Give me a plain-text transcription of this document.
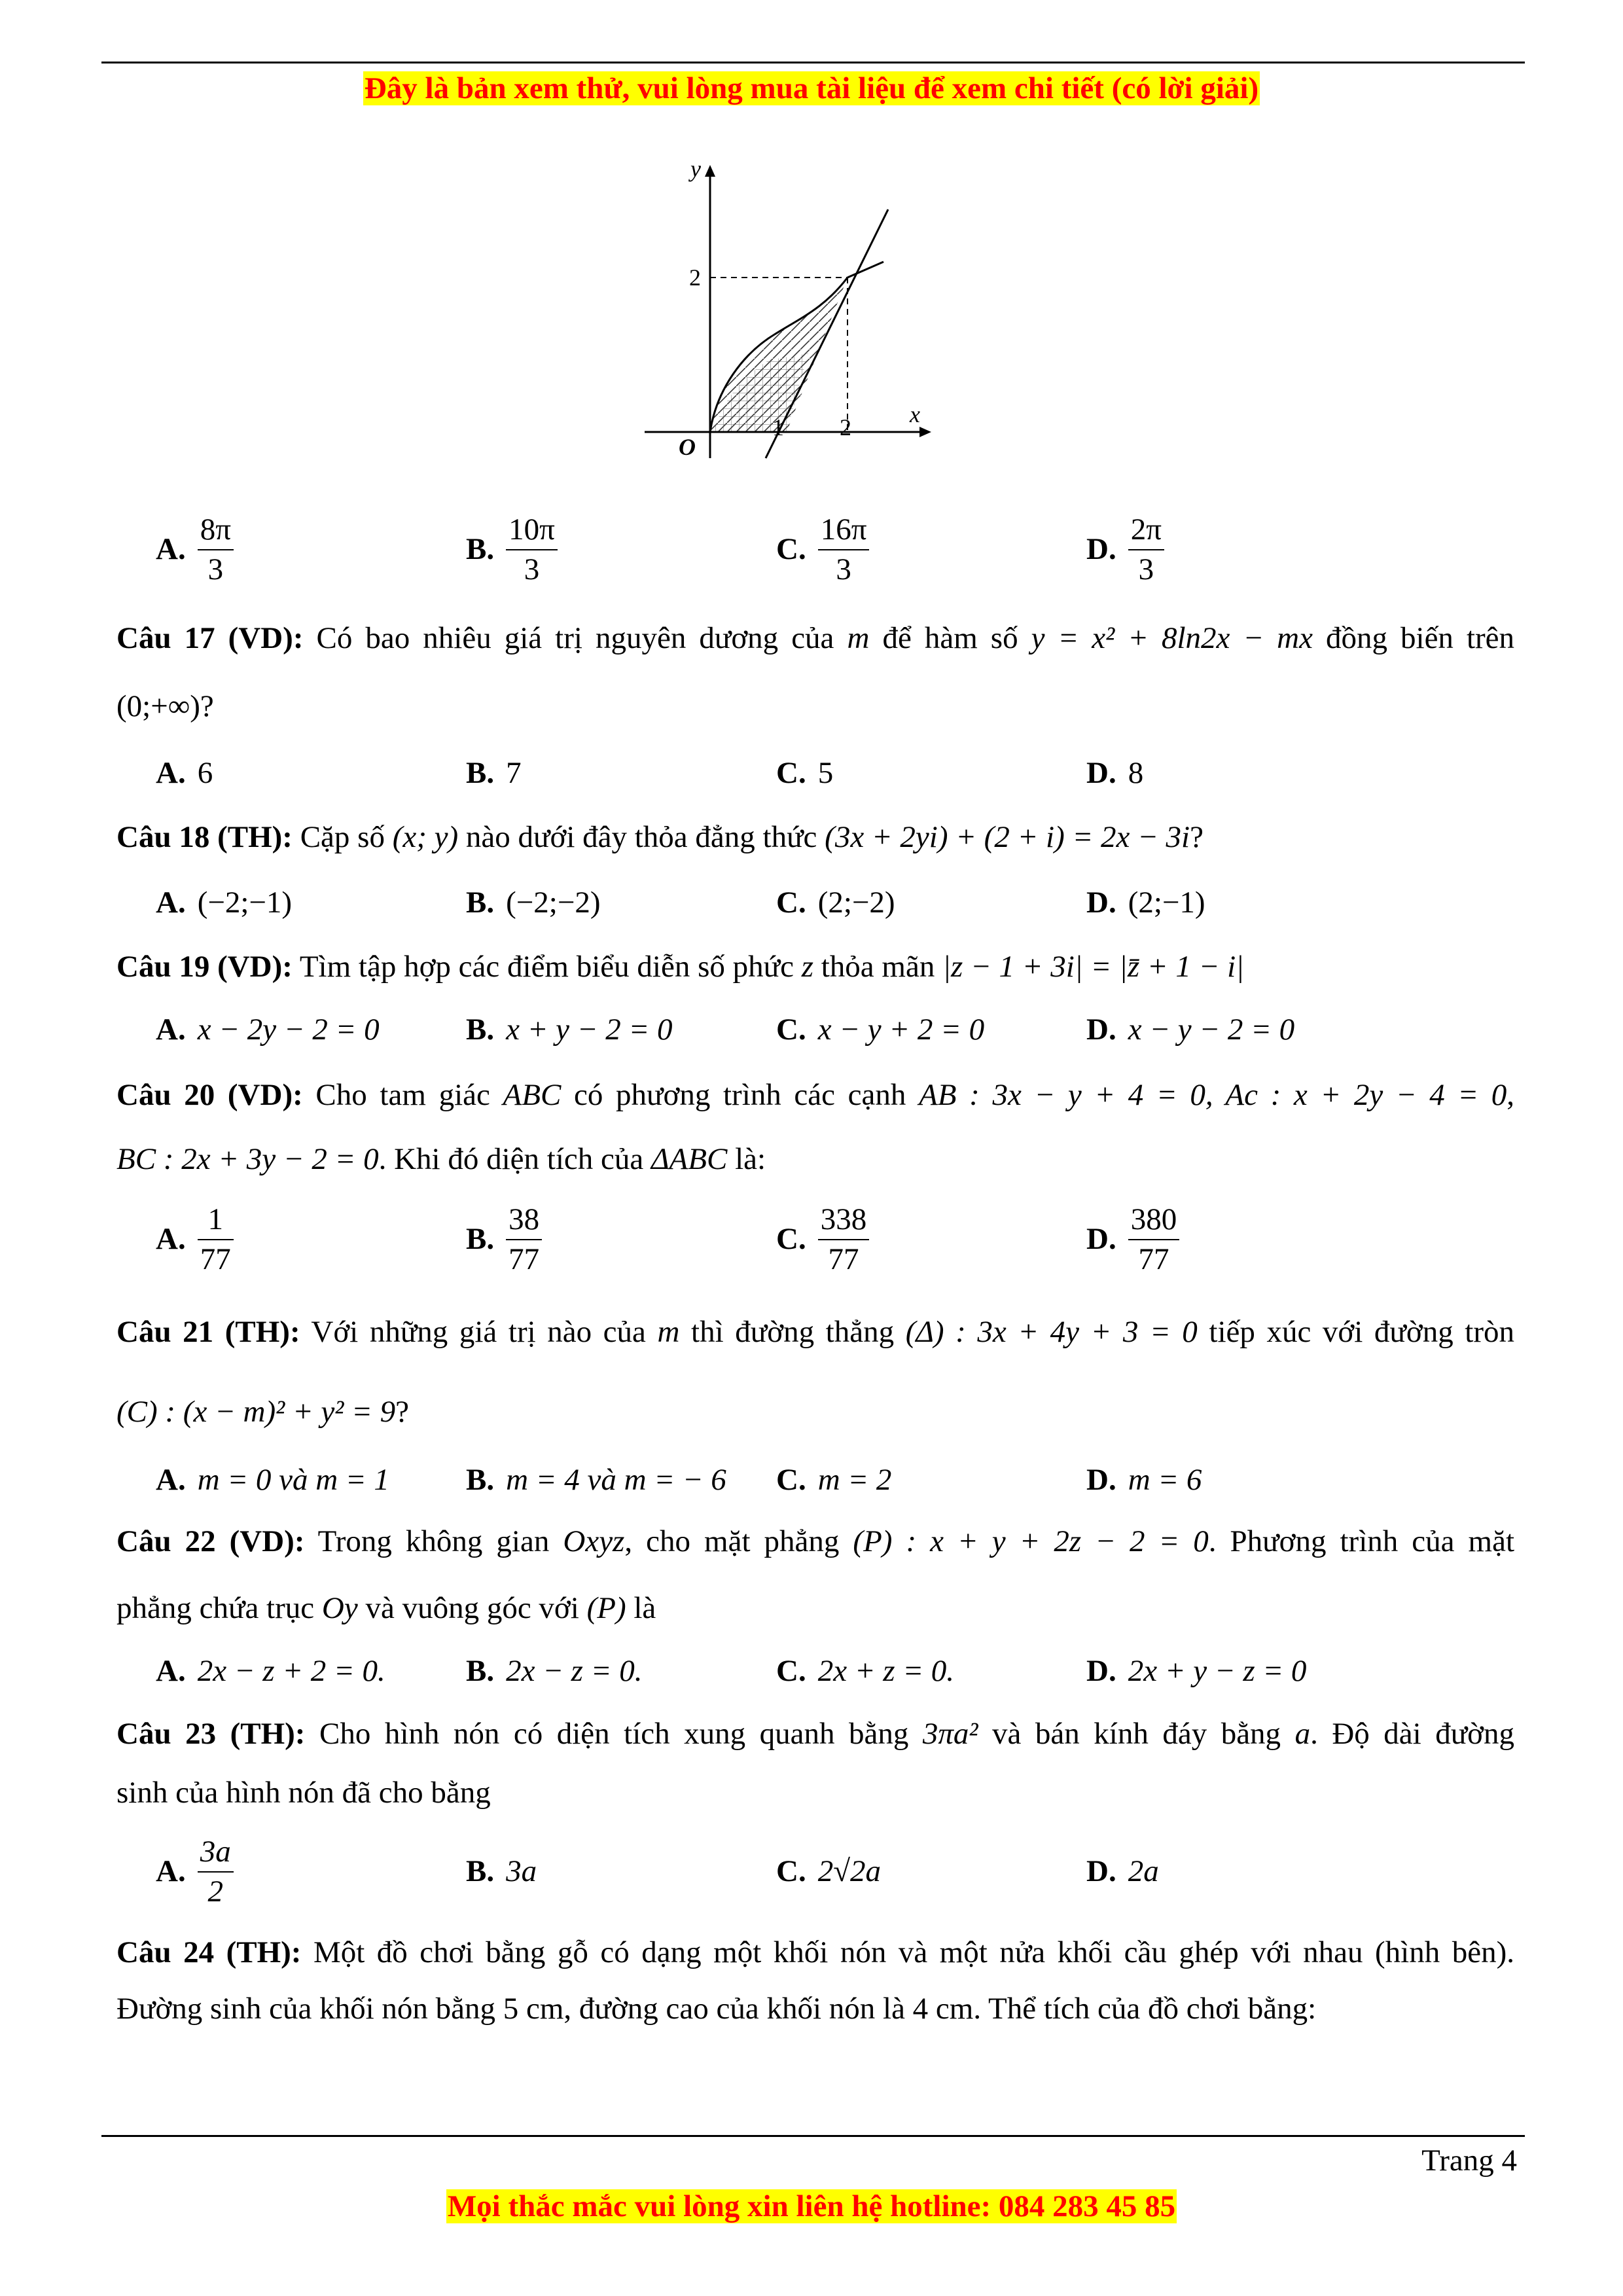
Đây là bản xem thử, vui lòng mua tài liệu để xem chi tiết (có lời giải)
y
x
O
2
1 2
A. $\frac{8\pi}{3}$	B. $\frac{10\pi}{3}$	C. $\frac{16\pi}{3}$	D. $\frac{2\pi}{3}$
Câu 17 (VD): Có bao nhiêu giá trị nguyên dương của m để hàm số y = x² + 8ln2x − mx đồng biến trên
(0;+∞)?
A. 6	B. 7	C. 5	D. 8
Câu 18 (TH): Cặp số (x; y) nào dưới đây thỏa đẳng thức (3x + 2yi) + (2 + i) = 2x − 3i?
A. (−2;−1)	B. (−2;−2)	C. (2;−2)	D. (2;−1)
Câu 19 (VD): Tìm tập hợp các điểm biểu diễn số phức z thỏa mãn |z − 1 + 3i| = |z̄ + 1 − i|
A. x − 2y − 2 = 0	B. x + y − 2 = 0	C. x − y + 2 = 0	D. x − y − 2 = 0
Câu 20 (VD): Cho tam giác ABC có phương trình các cạnh AB : 3x − y + 4 = 0, Ac : x + 2y − 4 = 0,
BC : 2x + 3y − 2 = 0. Khi đó diện tích của ΔABC là:
A. $\frac{1}{77}$	B. $\frac{38}{77}$	C. $\frac{338}{77}$	D. $\frac{380}{77}$
Câu 21 (TH): Với những giá trị nào của m thì đường thẳng (Δ) : 3x + 4y + 3 = 0 tiếp xúc với đường tròn
(C) : (x − m)² + y² = 9?
A. m = 0 và m = 1 B. m = 4 và m = − 6 C. m = 2	D. m = 6
Câu 22 (VD): Trong không gian Oxyz, cho mặt phẳng (P) : x + y + 2z − 2 = 0. Phương trình của mặt
phẳng chứa trục Oy và vuông góc với (P) là
A. 2x − z + 2 = 0.	B. 2x − z = 0.	C. 2x + z = 0.	D. 2x + y − z = 0
Câu 23 (TH): Cho hình nón có diện tích xung quanh bằng 3πa² và bán kính đáy bằng a. Độ dài đường
sinh của hình nón đã cho bằng
A. $\frac{3a}{2}$	B. 3a	C. 2√2a	D. 2a
Câu 24 (TH): Một đồ chơi bằng gỗ có dạng một khối nón và một nửa khối cầu ghép với nhau (hình bên).
Đường sinh của khối nón bằng 5 cm, đường cao của khối nón là 4 cm. Thể tích của đồ chơi bằng:
Trang 4
Mọi thắc mắc vui lòng xin liên hệ hotline: 084 283 45 85
